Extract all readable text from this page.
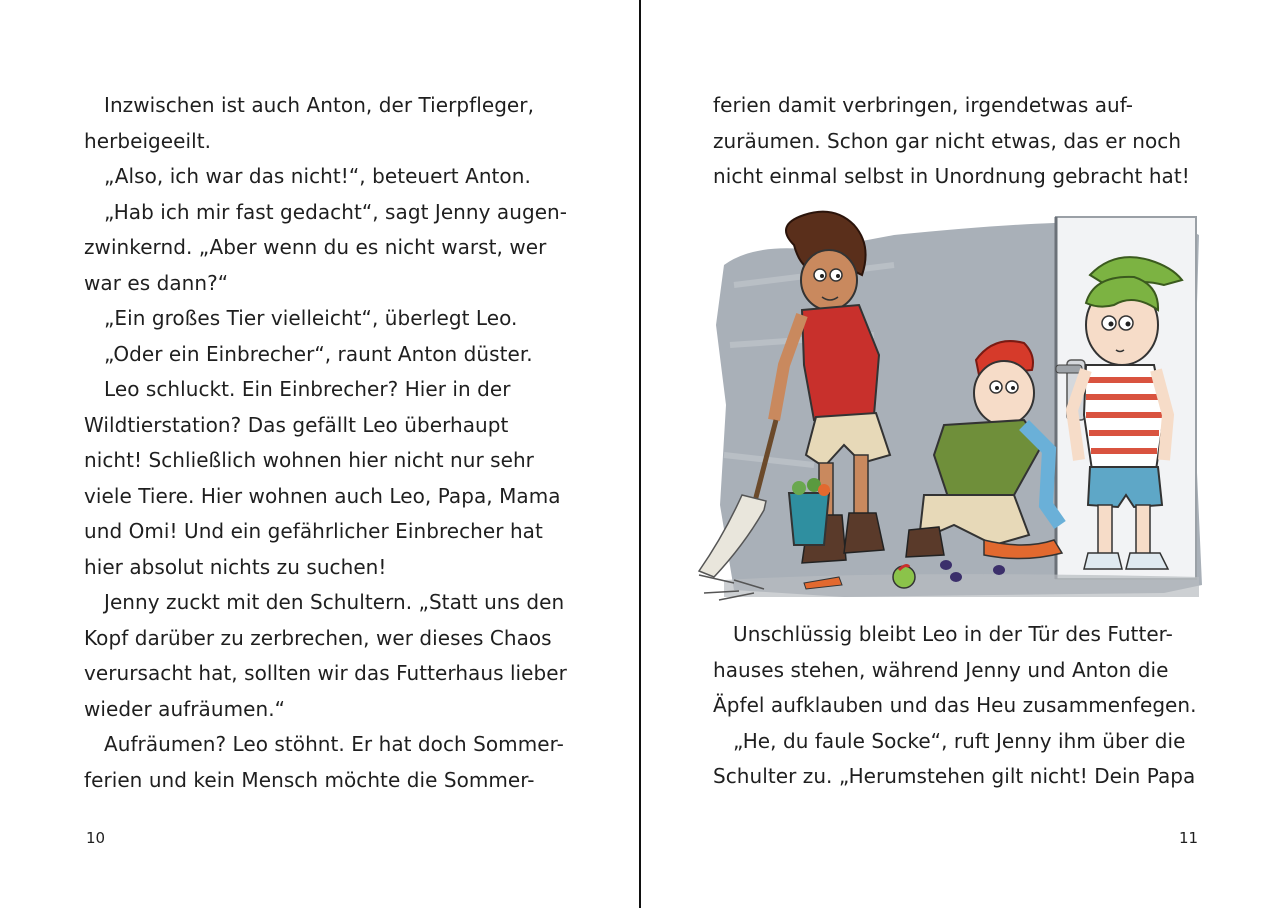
Inzwischen ist auch Anton, der Tierpfleger,
herbeigeeilt.
„Also, ich war das nicht!“, beteuert Anton.
„Hab ich mir fast gedacht“, sagt Jenny augen-
zwinkernd. „Aber wenn du es nicht warst, wer
war es dann?“
„Ein großes Tier vielleicht“, überlegt Leo.
„Oder ein Einbrecher“, raunt Anton düster.
Leo schluckt. Ein Einbrecher? Hier in der
Wildtierstation? Das gefällt Leo überhaupt
nicht! Schließlich wohnen hier nicht nur sehr
viele Tiere. Hier wohnen auch Leo, Papa, Mama
und Omi! Und ein gefährlicher Einbrecher hat
hier absolut nichts zu suchen!
Jenny zuckt mit den Schultern. „Statt uns den
Kopf darüber zu zerbrechen, wer dieses Chaos
verursacht hat, sollten wir das Futterhaus lieber
wieder aufräumen.“
Aufräumen? Leo stöhnt. Er hat doch Sommer-
ferien und kein Mensch möchte die Sommer-
10
ferien damit verbringen, irgendetwas auf-
zuräumen. Schon gar nicht etwas, das er noch
nicht einmal selbst in Unordnung gebracht hat!
Unschlüssig bleibt Leo in der Tür des Futter-
hauses stehen, während Jenny und Anton die
Äpfel aufklauben und das Heu zusammenfegen.
„He, du faule Socke“, ruft Jenny ihm über die
Schulter zu. „Herumstehen gilt nicht! Dein Papa
11
